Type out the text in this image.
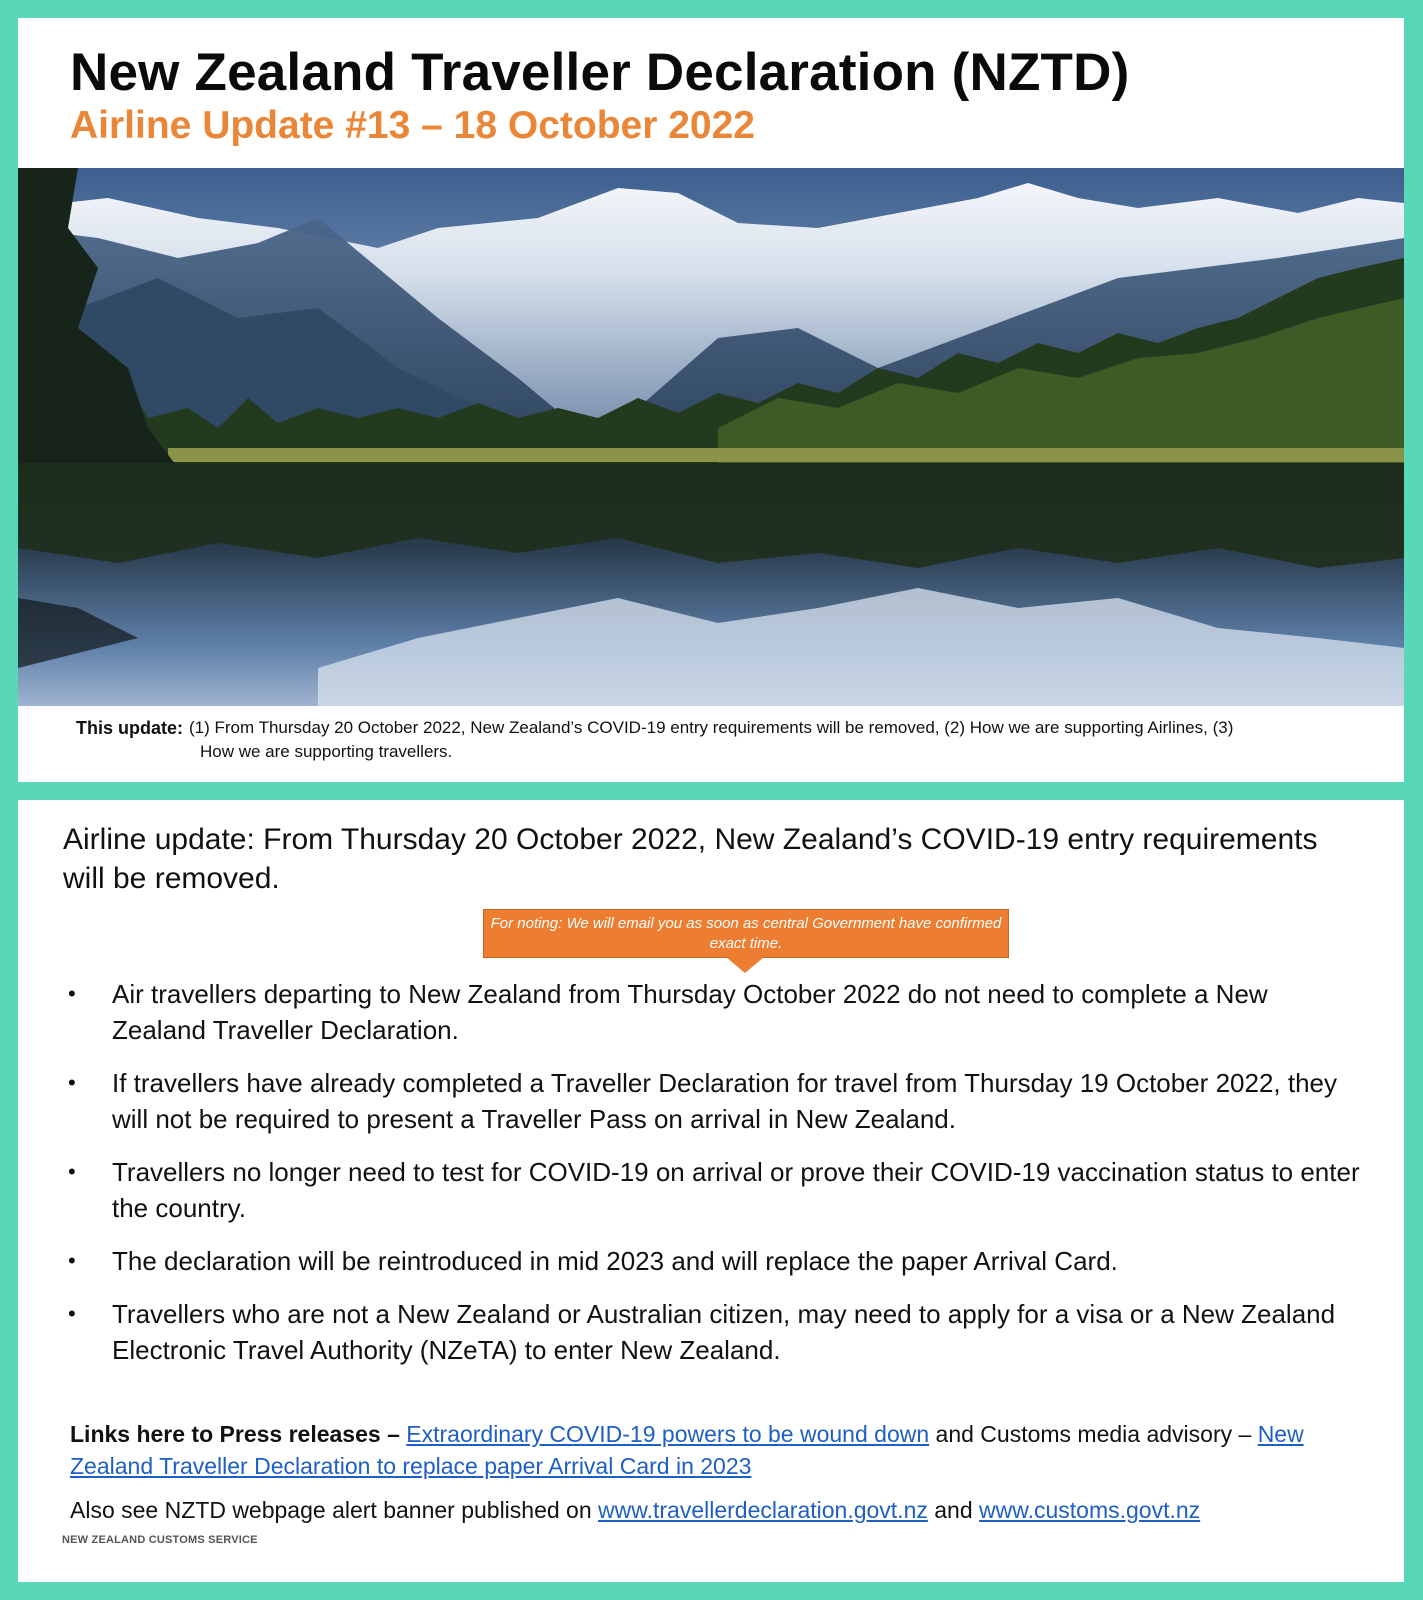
New Zealand Traveller Declaration (NZTD)
Airline Update #13 – 18 October 2022
This update: (1) From Thursday 20 October 2022, New Zealand’s COVID-19 entry requirements will be removed, (2) How we are supporting Airlines, (3)
How we are supporting travellers.
Airline update: From Thursday 20 October 2022, New Zealand’s COVID-19 entry requirements will be removed.
For noting: We will email you as soon as central Government have confirmed exact time.
• Air travellers departing to New Zealand from Thursday October 2022 do not need to complete a New Zealand Traveller Declaration.
• If travellers have already completed a Traveller Declaration for travel from Thursday 19 October 2022, they will not be required to present a Traveller Pass on arrival in New Zealand.
• Travellers no longer need to test for COVID-19 on arrival or prove their COVID-19 vaccination status to enter the country.
• The declaration will be reintroduced in mid 2023 and will replace the paper Arrival Card.
• Travellers who are not a New Zealand or Australian citizen, may need to apply for a visa or a New Zealand Electronic Travel Authority (NZeTA) to enter New Zealand.
Links here to Press releases – Extraordinary COVID-19 powers to be wound down and Customs media advisory – New Zealand Traveller Declaration to replace paper Arrival Card in 2023
Also see NZTD webpage alert banner published on www.travellerdeclaration.govt.nz and www.customs.govt.nz
NEW ZEALAND CUSTOMS SERVICE
